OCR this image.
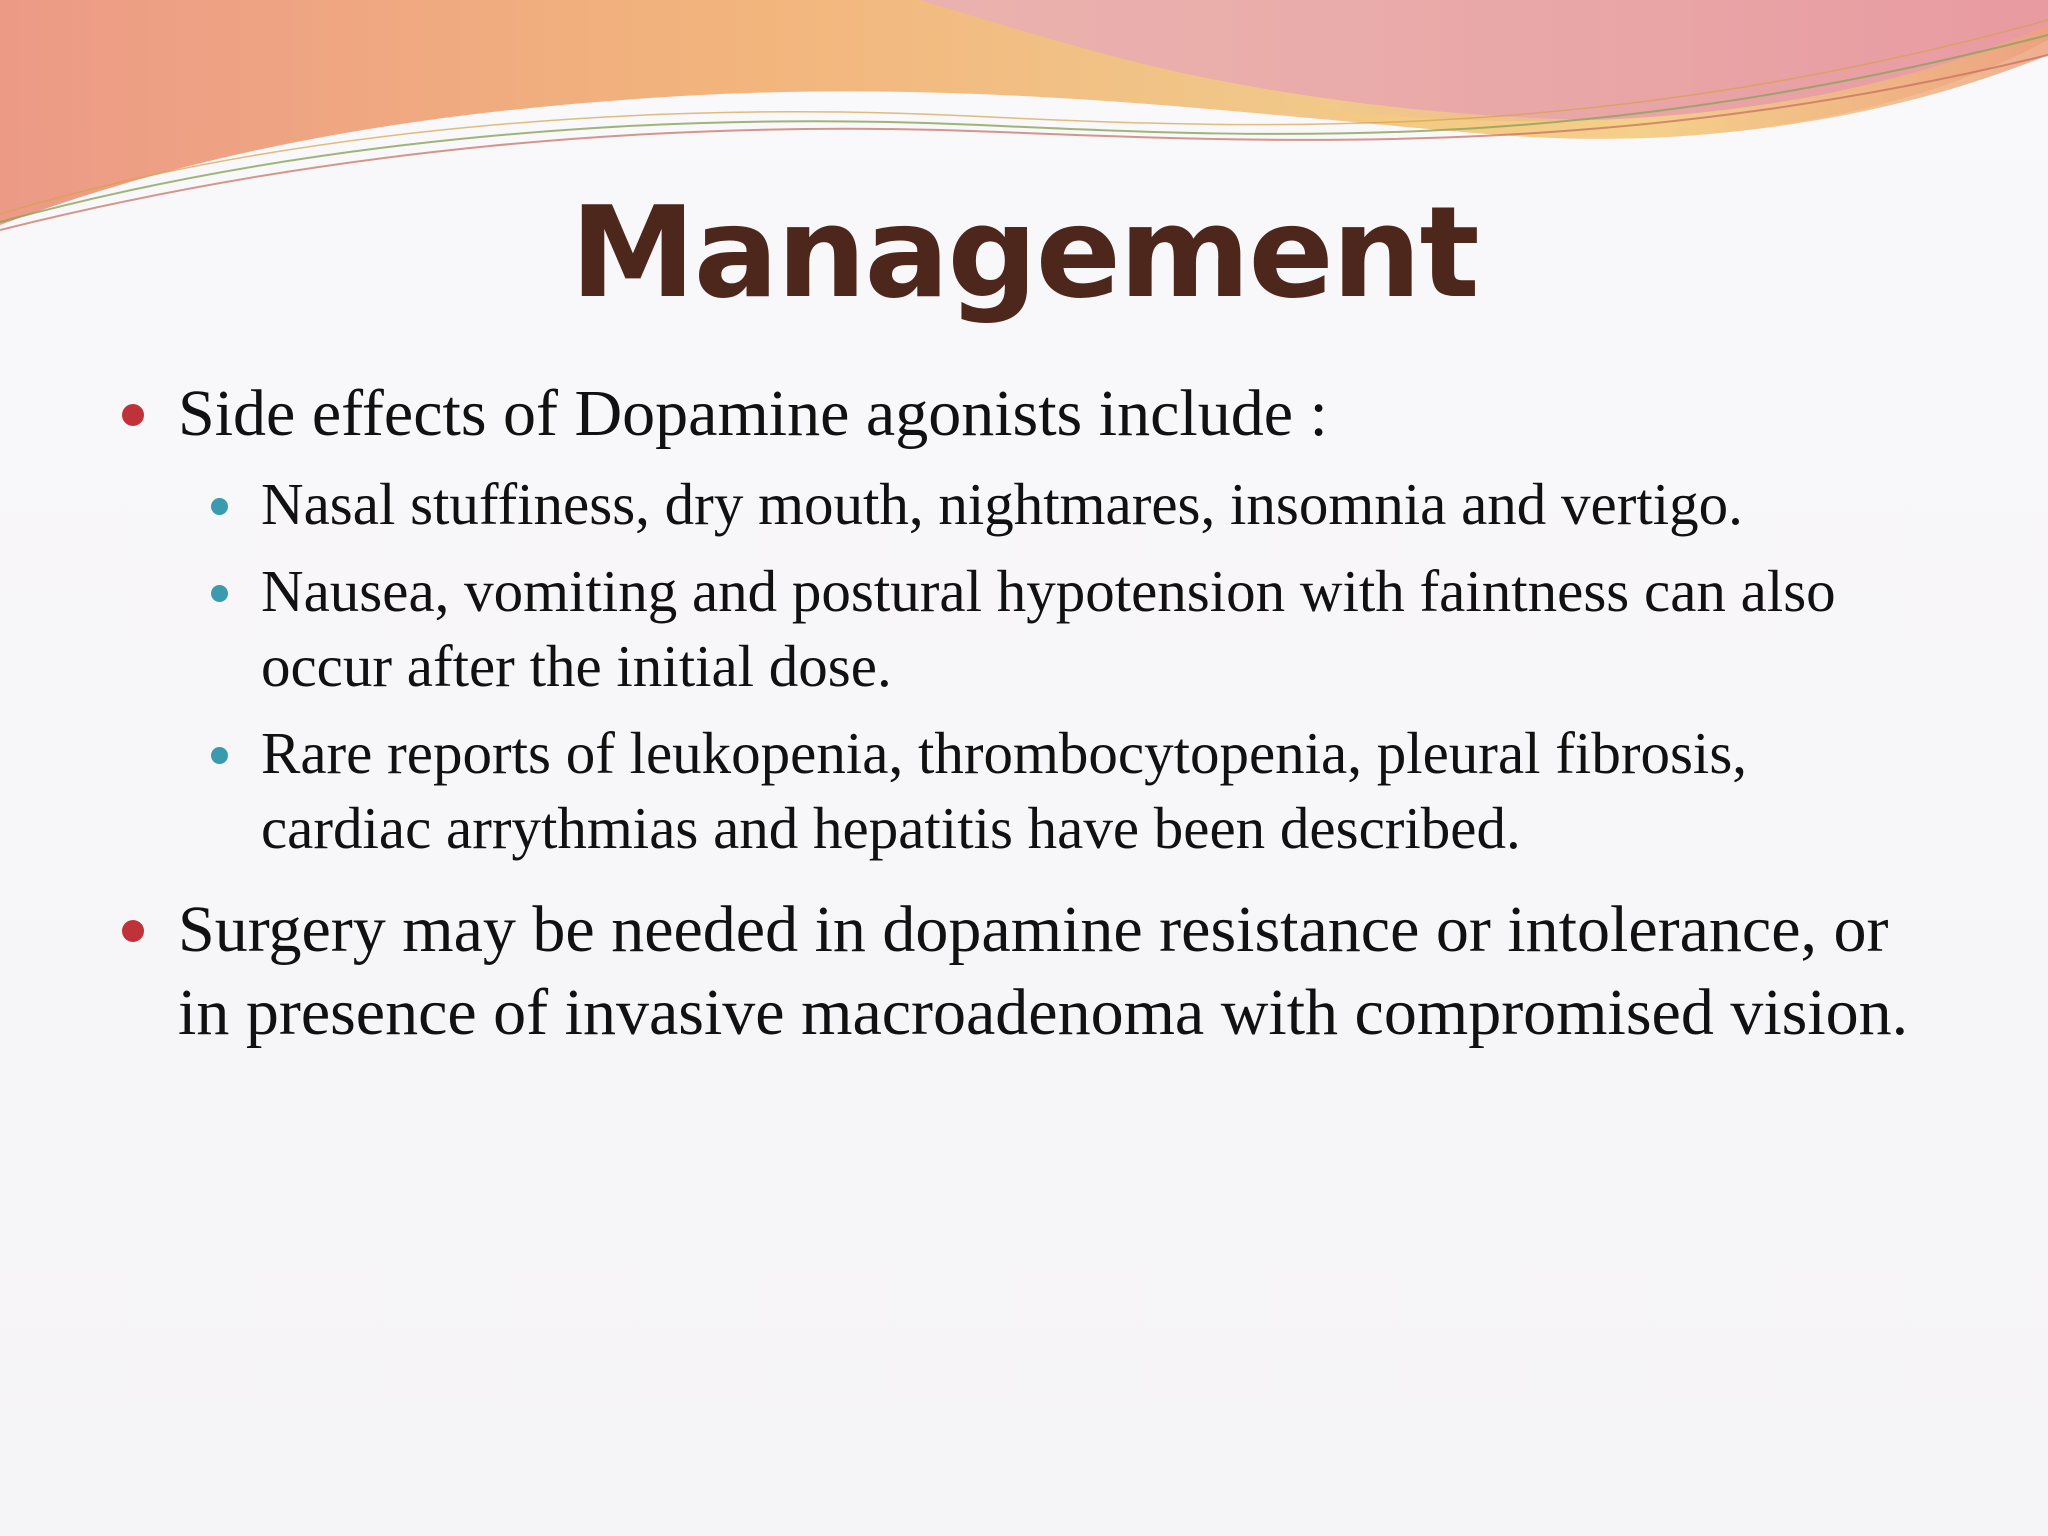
Management
Side effects of Dopamine agonists include :
Nasal stuffiness, dry mouth, nightmares, insomnia and vertigo.
Nausea, vomiting and postural hypotension with faintness can also occur after the initial dose.
Rare reports of leukopenia, thrombocytopenia, pleural fibrosis, cardiac arrythmias and hepatitis have been described.
Surgery may be needed in dopamine resistance or intolerance, or in presence of invasive macroadenoma with compromised vision.
